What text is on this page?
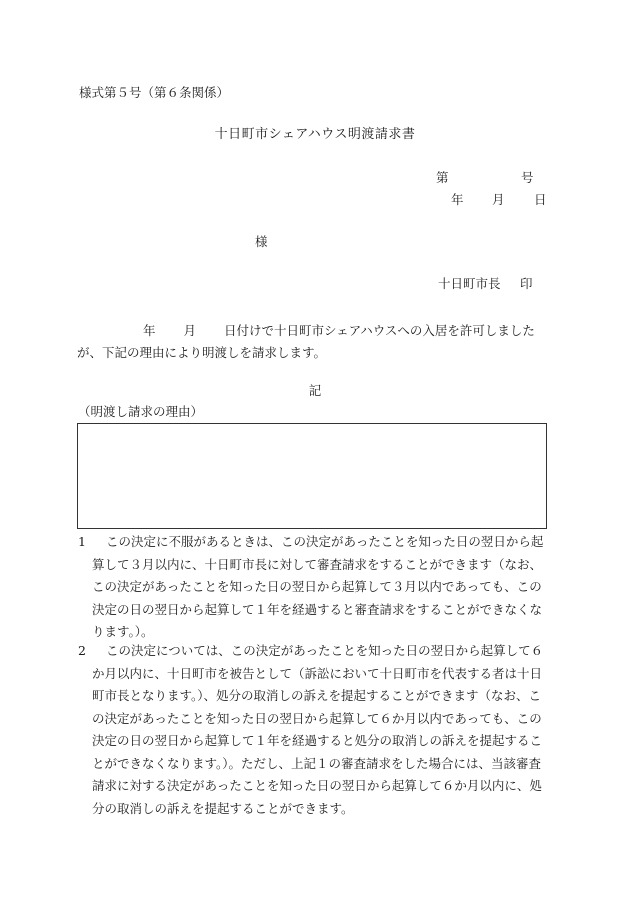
様式第５号（第６条関係）
十日町市シェアハウス明渡請求書
第	号
年 月 日
様
十日町市長 印
年 月 日付けで十日町市シェアハウスへの入居を許可しましたが、下記の理由により明渡しを請求します。
記
（明渡し請求の理由）
1	この決定に不服があるときは、この決定があったことを知った日の翌日から起算して３月以内に、十日町市長に対して審査請求をすることができます（なお、この決定があったことを知った日の翌日から起算して３月以内であっても、この決定の日の翌日から起算して１年を経過すると審査請求をすることができなくなります。）。
2	この決定については、この決定があったことを知った日の翌日から起算して６か月以内に、十日町市を被告として（訴訟において十日町市を代表する者は十日町市長となります。）、処分の取消しの訴えを提起することができます（なお、この決定があったことを知った日の翌日から起算して６か月以内であっても、この決定の日の翌日から起算して１年を経過すると処分の取消しの訴えを提起することができなくなります。）。ただし、上記１の審査請求をした場合には、当該審査請求に対する決定があったことを知った日の翌日から起算して６か月以内に、処分の取消しの訴えを提起することができます。
